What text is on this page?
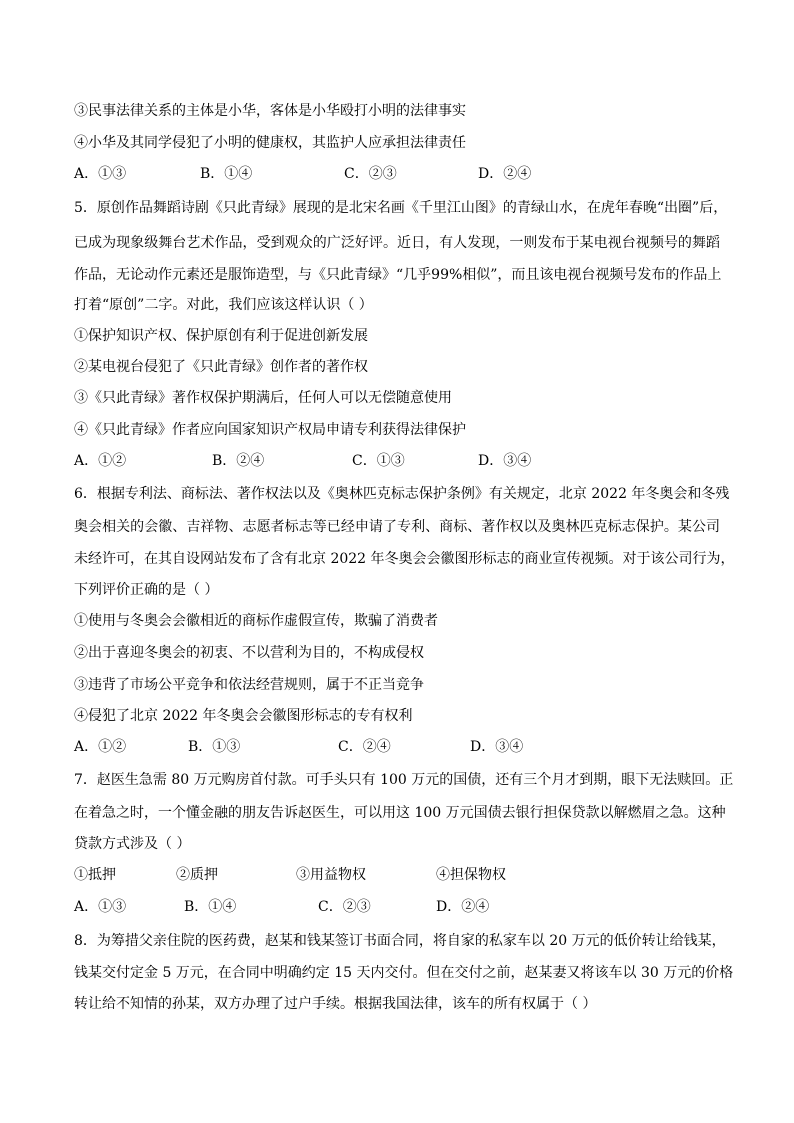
③民事法律关系的主体是小华，客体是小华殴打小明的法律事实
④小华及其同学侵犯了小明的健康权，其监护人应承担法律责任
A．①③	B．①④	C．②③	D．②④
5．原创作品舞蹈诗剧《只此青绿》展现的是北宋名画《千里江山图》的青绿山水，在虎年春晚“出圈”后，
已成为现象级舞台艺术作品，受到观众的广泛好评。近日，有人发现，一则发布于某电视台视频号的舞蹈
作品，无论动作元素还是服饰造型，与《只此青绿》“几乎99%相似”，而且该电视台视频号发布的作品上
打着“原创”二字。对此，我们应该这样认识（ ）
①保护知识产权、保护原创有利于促进创新发展
②某电视台侵犯了《只此青绿》创作者的著作权
③《只此青绿》著作权保护期满后，任何人可以无偿随意使用
④《只此青绿》作者应向国家知识产权局申请专利获得法律保护
A．①②	B．②④	C．①③	D．③④
6．根据专利法、商标法、著作权法以及《奥林匹克标志保护条例》有关规定，北京 2022 年冬奥会和冬残
奥会相关的会徽、吉祥物、志愿者标志等已经申请了专利、商标、著作权以及奥林匹克标志保护。某公司
未经许可，在其自设网站发布了含有北京 2022 年冬奥会会徽图形标志的商业宣传视频。对于该公司行为，
下列评价正确的是（ ）
①使用与冬奥会会徽相近的商标作虚假宣传，欺骗了消费者
②出于喜迎冬奥会的初衷、不以营利为目的，不构成侵权
③违背了市场公平竞争和依法经营规则，属于不正当竞争
④侵犯了北京 2022 年冬奥会会徽图形标志的专有权利
A．①②	B．①③	C．②④	D．③④
7．赵医生急需 80 万元购房首付款。可手头只有 100 万元的国债，还有三个月才到期，眼下无法赎回。正
在着急之时，一个懂金融的朋友告诉赵医生，可以用这 100 万元国债去银行担保贷款以解燃眉之急。这种
贷款方式涉及（ ）
①抵押	②质押	③用益物权	④担保物权
A．①③	B．①④	C．②③	D．②④
8．为筹措父亲住院的医药费，赵某和钱某签订书面合同，将自家的私家车以 20 万元的低价转让给钱某，
钱某交付定金 5 万元，在合同中明确约定 15 天内交付。但在交付之前，赵某妻又将该车以 30 万元的价格
转让给不知情的孙某，双方办理了过户手续。根据我国法律，该车的所有权属于（ ）
